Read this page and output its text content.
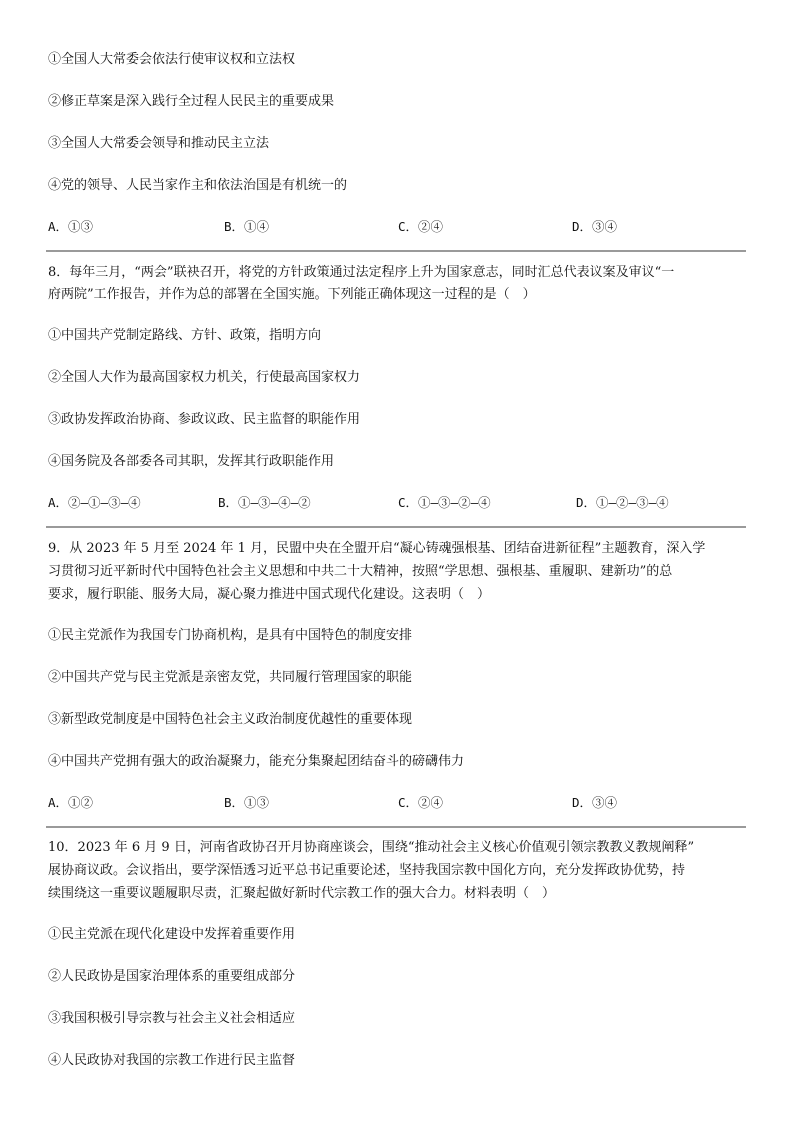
①全国人大常委会依法行使审议权和立法权
②修正草案是深入践行全过程人民民主的重要成果
③全国人大常委会领导和推动民主立法
④党的领导、人民当家作主和依法治国是有机统一的
A．①③	B．①④	C．②④	D．③④
8．每年三月，“两会”联袂召开，将党的方针政策通过法定程序上升为国家意志，同时汇总代表议案及审议“一
府两院”工作报告，并作为总的部署在全国实施。下列能正确体现这一过程的是（　）
①中国共产党制定路线、方针、政策，指明方向
②全国人大作为最高国家权力机关，行使最高国家权力
③政协发挥政治协商、参政议政、民主监督的职能作用
④国务院及各部委各司其职，发挥其行政职能作用
A．②—①—③—④	B．①—③—④—②	C．①—③—②—④	D．①—②—③—④
9．从 2023 年 5 月至 2024 年 1 月，民盟中央在全盟开启“凝心铸魂强根基、团结奋进新征程”主题教育，深入学
习贯彻习近平新时代中国特色社会主义思想和中共二十大精神，按照“学思想、强根基、重履职、建新功”的总
要求，履行职能、服务大局，凝心聚力推进中国式现代化建设。这表明（　）
①民主党派作为我国专门协商机构，是具有中国特色的制度安排
②中国共产党与民主党派是亲密友党，共同履行管理国家的职能
③新型政党制度是中国特色社会主义政治制度优越性的重要体现
④中国共产党拥有强大的政治凝聚力，能充分集聚起团结奋斗的磅礴伟力
A．①②	B．①③	C．②④	D．③④
10．2023 年 6 月 9 日，河南省政协召开月协商座谈会，围绕“推动社会主义核心价值观引领宗教教义教规阐释”
展协商议政。会议指出，要学深悟透习近平总书记重要论述，坚持我国宗教中国化方向，充分发挥政协优势，持
续围绕这一重要议题履职尽责，汇聚起做好新时代宗教工作的强大合力。材料表明（　）
①民主党派在现代化建设中发挥着重要作用
②人民政协是国家治理体系的重要组成部分
③我国积极引导宗教与社会主义社会相适应
④人民政协对我国的宗教工作进行民主监督
